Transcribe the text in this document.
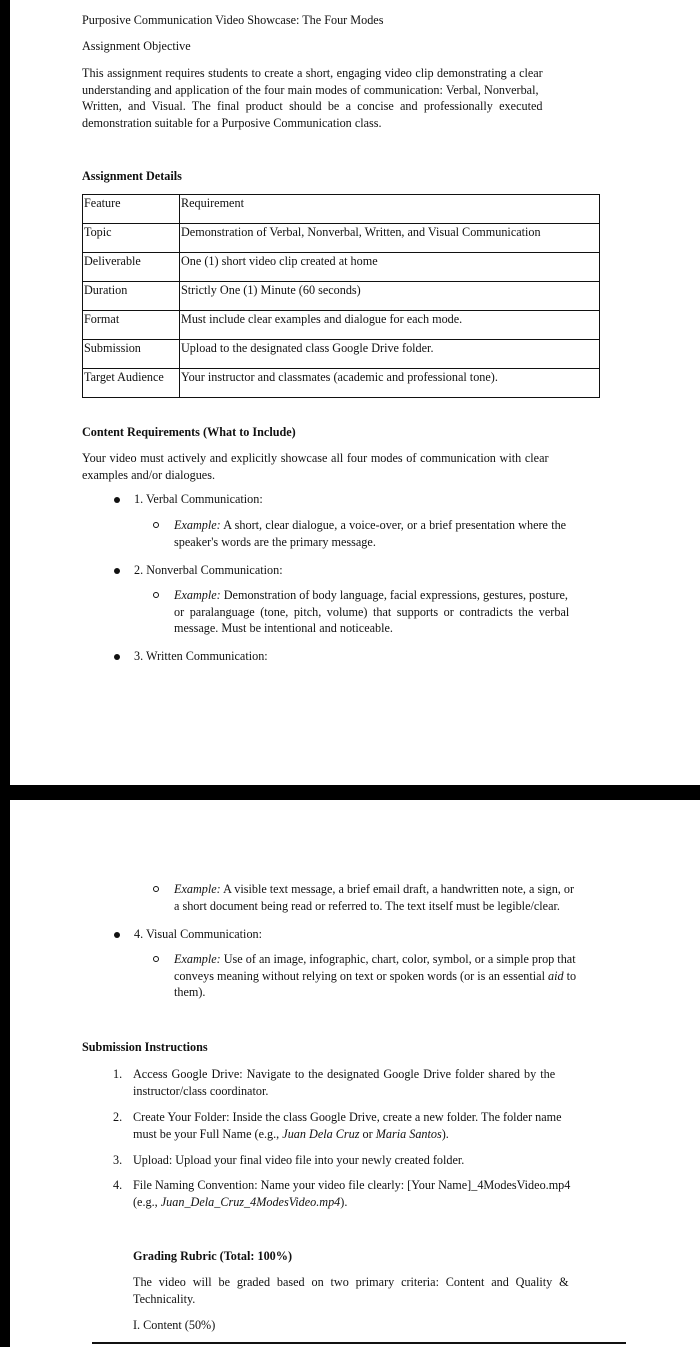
Purposive Communication Video Showcase: The Four Modes
Assignment Objective
This assignment requires students to create a short, engaging video clip demonstrating a clear
understanding and application of the four main modes of communication: Verbal, Nonverbal,
Written, and Visual. The final product should be a concise and professionally executed
demonstration suitable for a Purposive Communication class.
Assignment Details
Feature	Requirement
Topic	Demonstration of Verbal, Nonverbal, Written, and Visual Communication
Deliverable	One (1) short video clip created at home
Duration	Strictly One (1) Minute (60 seconds)
Format	Must include clear examples and dialogue for each mode.
Submission	Upload to the designated class Google Drive folder.
Target Audience	Your instructor and classmates (academic and professional tone).
Content Requirements (What to Include)
Your video must actively and explicitly showcase all four modes of communication with clear
examples and/or dialogues.
1. Verbal Communication:
Example: A short, clear dialogue, a voice-over, or a brief presentation where the
speaker's words are the primary message.
2. Nonverbal Communication:
Example: Demonstration of body language, facial expressions, gestures, posture,
or paralanguage (tone, pitch, volume) that supports or contradicts the verbal
message. Must be intentional and noticeable.
3. Written Communication:
Example: A visible text message, a brief email draft, a handwritten note, a sign, or
a short document being read or referred to. The text itself must be legible/clear.
4. Visual Communication:
Example: Use of an image, infographic, chart, color, symbol, or a simple prop that
conveys meaning without relying on text or spoken words (or is an essential aid to
them).
Submission Instructions
1. Access Google Drive: Navigate to the designated Google Drive folder shared by the
instructor/class coordinator.
2. Create Your Folder: Inside the class Google Drive, create a new folder. The folder name
must be your Full Name (e.g., Juan Dela Cruz or Maria Santos).
3. Upload: Upload your final video file into your newly created folder.
4. File Naming Convention: Name your video file clearly: [Your Name]_4ModesVideo.mp4
(e.g., Juan_Dela_Cruz_4ModesVideo.mp4).
Grading Rubric (Total: 100%)
The video will be graded based on two primary criteria: Content and Quality &
Technicality.
I. Content (50%)
